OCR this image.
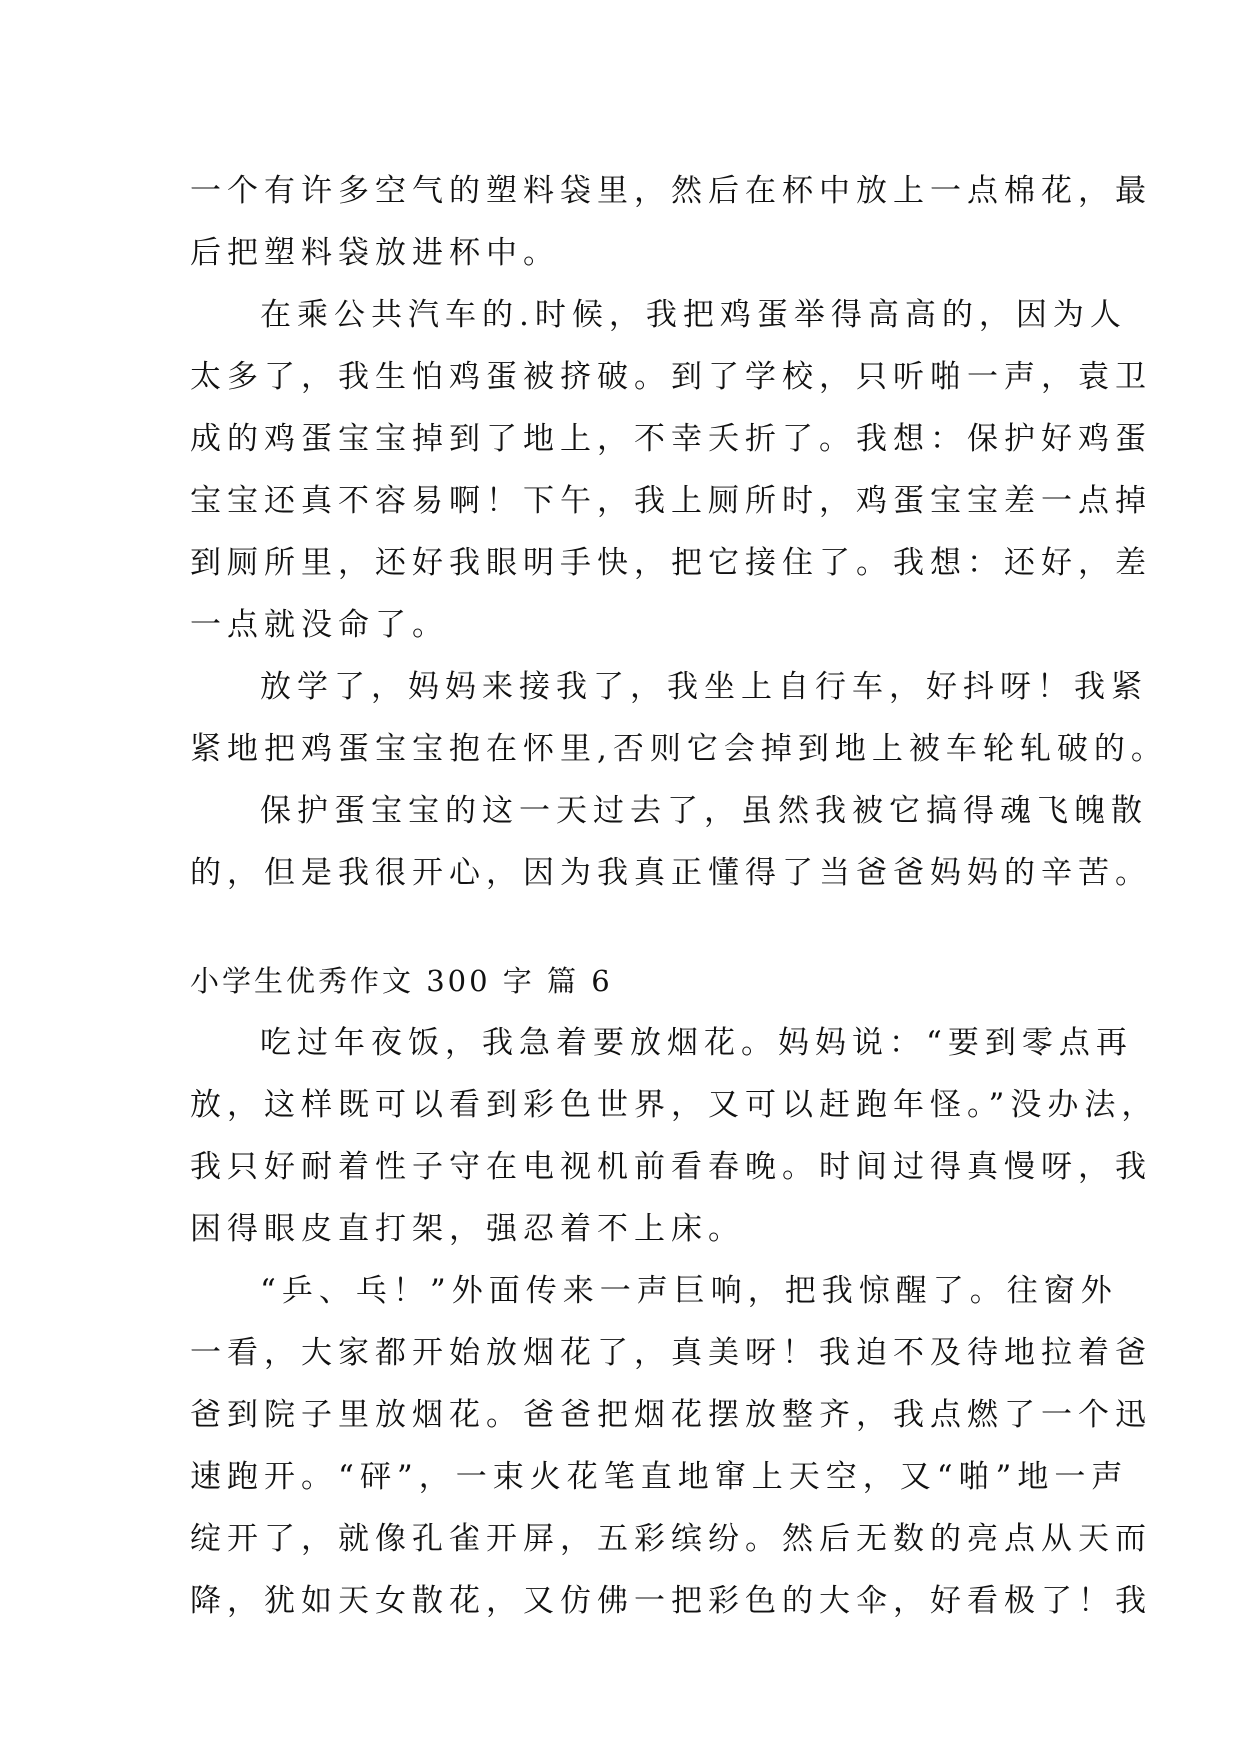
一个有许多空气的塑料袋里，然后在杯中放上一点棉花，最
后把塑料袋放进杯中。
在乘公共汽车的.时候，我把鸡蛋举得高高的，因为人
太多了，我生怕鸡蛋被挤破。到了学校，只听啪一声，袁卫
成的鸡蛋宝宝掉到了地上，不幸夭折了。我想：保护好鸡蛋
宝宝还真不容易啊！下午，我上厕所时，鸡蛋宝宝差一点掉
到厕所里，还好我眼明手快，把它接住了。我想：还好，差
一点就没命了。
放学了，妈妈来接我了，我坐上自行车，好抖呀！我紧
紧地把鸡蛋宝宝抱在怀里,否则它会掉到地上被车轮轧破的。
保护蛋宝宝的这一天过去了，虽然我被它搞得魂飞魄散
的，但是我很开心，因为我真正懂得了当爸爸妈妈的辛苦。
小学生优秀作文 300 字 篇 6
吃过年夜饭，我急着要放烟花。妈妈说：“要到零点再
放，这样既可以看到彩色世界，又可以赶跑年怪。”没办法，
我只好耐着性子守在电视机前看春晚。时间过得真慢呀，我
困得眼皮直打架，强忍着不上床。
“乒、乓！”外面传来一声巨响，把我惊醒了。往窗外
一看，大家都开始放烟花了，真美呀！我迫不及待地拉着爸
爸到院子里放烟花。爸爸把烟花摆放整齐，我点燃了一个迅
速跑开。“砰”，一束火花笔直地窜上天空，又“啪”地一声
绽开了，就像孔雀开屏，五彩缤纷。然后无数的亮点从天而
降，犹如天女散花，又仿佛一把彩色的大伞，好看极了！我
